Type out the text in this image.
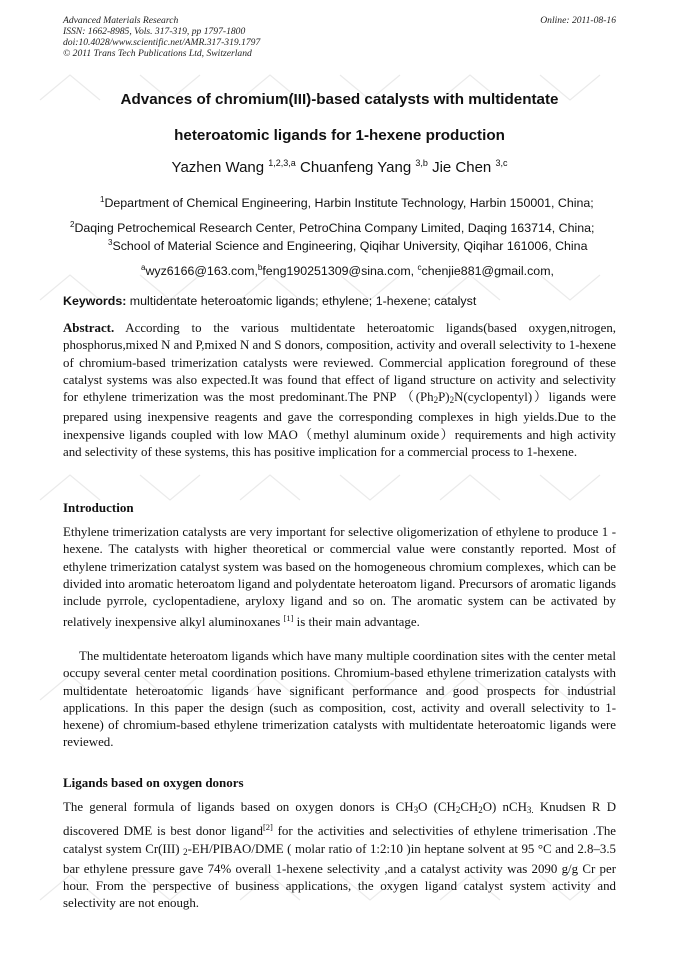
Advanced Materials Research
ISSN: 1662-8985, Vols. 317-319, pp 1797-1800
doi:10.4028/www.scientific.net/AMR.317-319.1797
© 2011 Trans Tech Publications Ltd, Switzerland
Online: 2011-08-16
Advances of chromium(III)-based catalysts with multidentate
heteroatomic ligands for 1-hexene production
Yazhen Wang $^{1,2,3,a}$ Chuanfeng Yang $^{3,b}$ Jie Chen $^{3,c}$
$^1$Department of Chemical Engineering, Harbin Institute Technology, Harbin 150001, China;
$^2$Daqing Petrochemical Research Center, PetroChina Company Limited, Daqing 163714, China;
$^3$School of Material Science and Engineering, Qiqihar University, Qiqihar 161006, China
$^a$wyz6166@163.com,$^b$feng190251309@sina.com, $^c$chenjie881@gmail.com,
Keywords: multidentate heteroatomic ligands; ethylene; 1-hexene; catalyst

Abstract. According to the various multidentate heteroatomic ligands(based oxygen,nitrogen, phosphorus,mixed N and P,mixed N and S donors, composition, activity and overall selectivity to 1-hexene of chromium-based trimerization catalysts were reviewed. Commercial application foreground of these catalyst systems was also expected.It was found that effect of ligand structure on activity and selectivity for ethylene trimerization was the most predominant.The PNP $((Ph_2P)_2N(cyclopentyl))ligands$ were prepared using inexpensive reagents and gave the corresponding complexes in high yields.Due to the inexpensive ligands coupled with low MAO（methyl aluminum oxide）requirements and high activity and selectivity of these systems, this has positive implication for a commercial process to 1-hexene.

Introduction

Ethylene trimerization catalysts are very important for selective oligomerization of ethylene to produce 1 - hexene. The catalysts with higher theoretical or commercial value were constantly reported. Most of ethylene trimerization catalyst system was based on the homogeneous chromium complexes, which can be divided into aromatic heteroatom ligand and polydentate heteroatom ligand. Precursors of aromatic ligands include pyrrole, cyclopentadiene, aryloxy ligand and so on. The aromatic system can be activated by relatively inexpensive alkyl aluminoxanes [1] is their main advantage.

The multidentate heteroatom ligands which have many multiple coordination sites with the center metal occupy several center metal coordination positions. Chromium-based ethylene trimerization catalysts with multidentate heteroatomic ligands have significant performance and good prospects for industrial applications. In this paper the design (such as composition, cost, activity and overall selectivity to 1-hexene) of chromium-based ethylene trimerization catalysts with multidentate heteroatomic ligands were reviewed.

Ligands based on oxygen donors

The general formula of ligands based on oxygen donors is $CH_3O$ $(CH_2CH_2O)$ nCH$_{3.}$ Knudsen R D discovered DME is best donor ligand[2] for the activities and selectivities of ethylene trimerisation .The catalyst system Cr(III) $_2$-EH/PIBAO/DME ( molar ratio of 1:2:10 )in heptane solvent at 95 °C and 2.8–3.5 bar ethylene pressure gave 74% overall 1-hexene selectivity ,and a catalyst activity was 2090 g/g Cr per hour. From the perspective of business applications, the oxygen ligand catalyst system activity and selectivity are not enough.
